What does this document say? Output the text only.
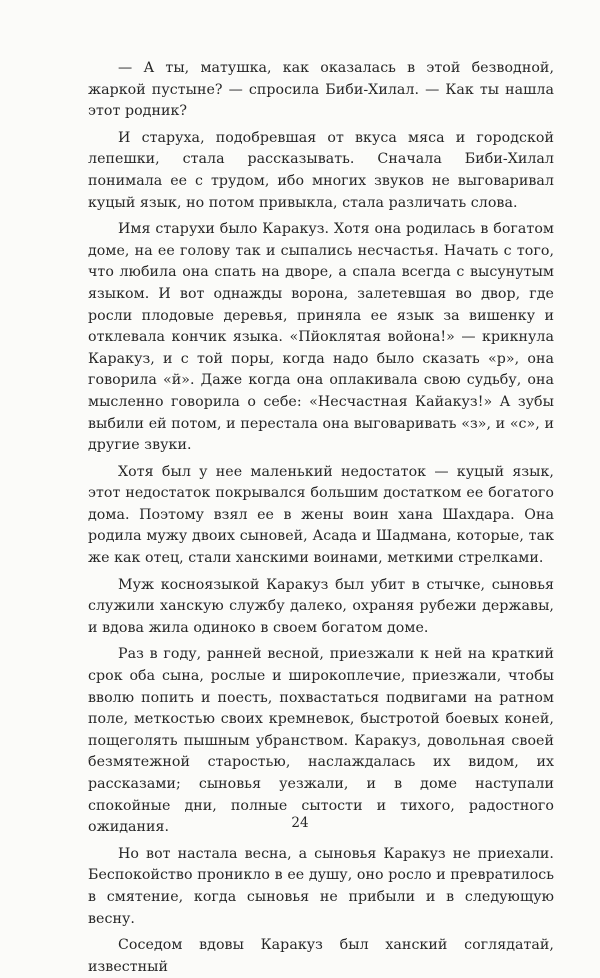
— А ты, матушка, как оказалась в этой безводной, жаркой пустыне? — спросила Биби-Хилал. — Как ты нашла этот родник?

И старуха, подобревшая от вкуса мяса и городской лепешки, стала рассказывать. Сначала Биби-Хилал понимала ее с трудом, ибо многих звуков не выговаривал куцый язык, но потом привыкла, стала различать слова.

Имя старухи было Каракуз. Хотя она родилась в богатом доме, на ее голову так и сыпались несчастья. Начать с того, что любила она спать на дворе, а спала всегда с высунутым языком. И вот однажды ворона, залетевшая во двор, где росли плодовые деревья, приняла ее язык за вишенку и отклевала кончик языка. «Пйоклятая войона!» — крикнула Каракуз, и с той поры, когда надо было сказать «р», она говорила «й». Даже когда она оплакивала свою судьбу, она мысленно говорила о себе: «Несчастная Кайакуз!» А зубы выбили ей потом, и перестала она выговаривать «з», и «с», и другие звуки.

Хотя был у нее маленький недостаток — куцый язык, этот недостаток покрывался большим достатком ее богатого дома. Поэтому взял ее в жены воин хана Шахдара. Она родила мужу двоих сыновей, Асада и Шадмана, которые, так же как отец, стали ханскими воинами, меткими стрелками.

Муж косноязыкой Каракуз был убит в стычке, сыновья служили ханскую службу далеко, охраняя рубежи державы, и вдова жила одиноко в своем богатом доме.

Раз в году, ранней весной, приезжали к ней на краткий срок оба сына, рослые и широкоплечие, приезжали, чтобы вволю попить и поесть, похвастаться подвигами на ратном поле, меткостью своих кремневок, быстротой боевых коней, пощеголять пышным убранством. Каракуз, довольная своей безмятежной старостью, наслаждалась их видом, их рассказами; сыновья уезжали, и в доме наступали спокойные дни, полные сытости и тихого, радостного ожидания.

Но вот настала весна, а сыновья Каракуз не приехали. Беспокойство проникло в ее душу, оно росло и превратилось в смятение, когда сыновья не прибыли и в следующую весну.

Соседом вдовы Каракуз был ханский соглядатай, известный

24
